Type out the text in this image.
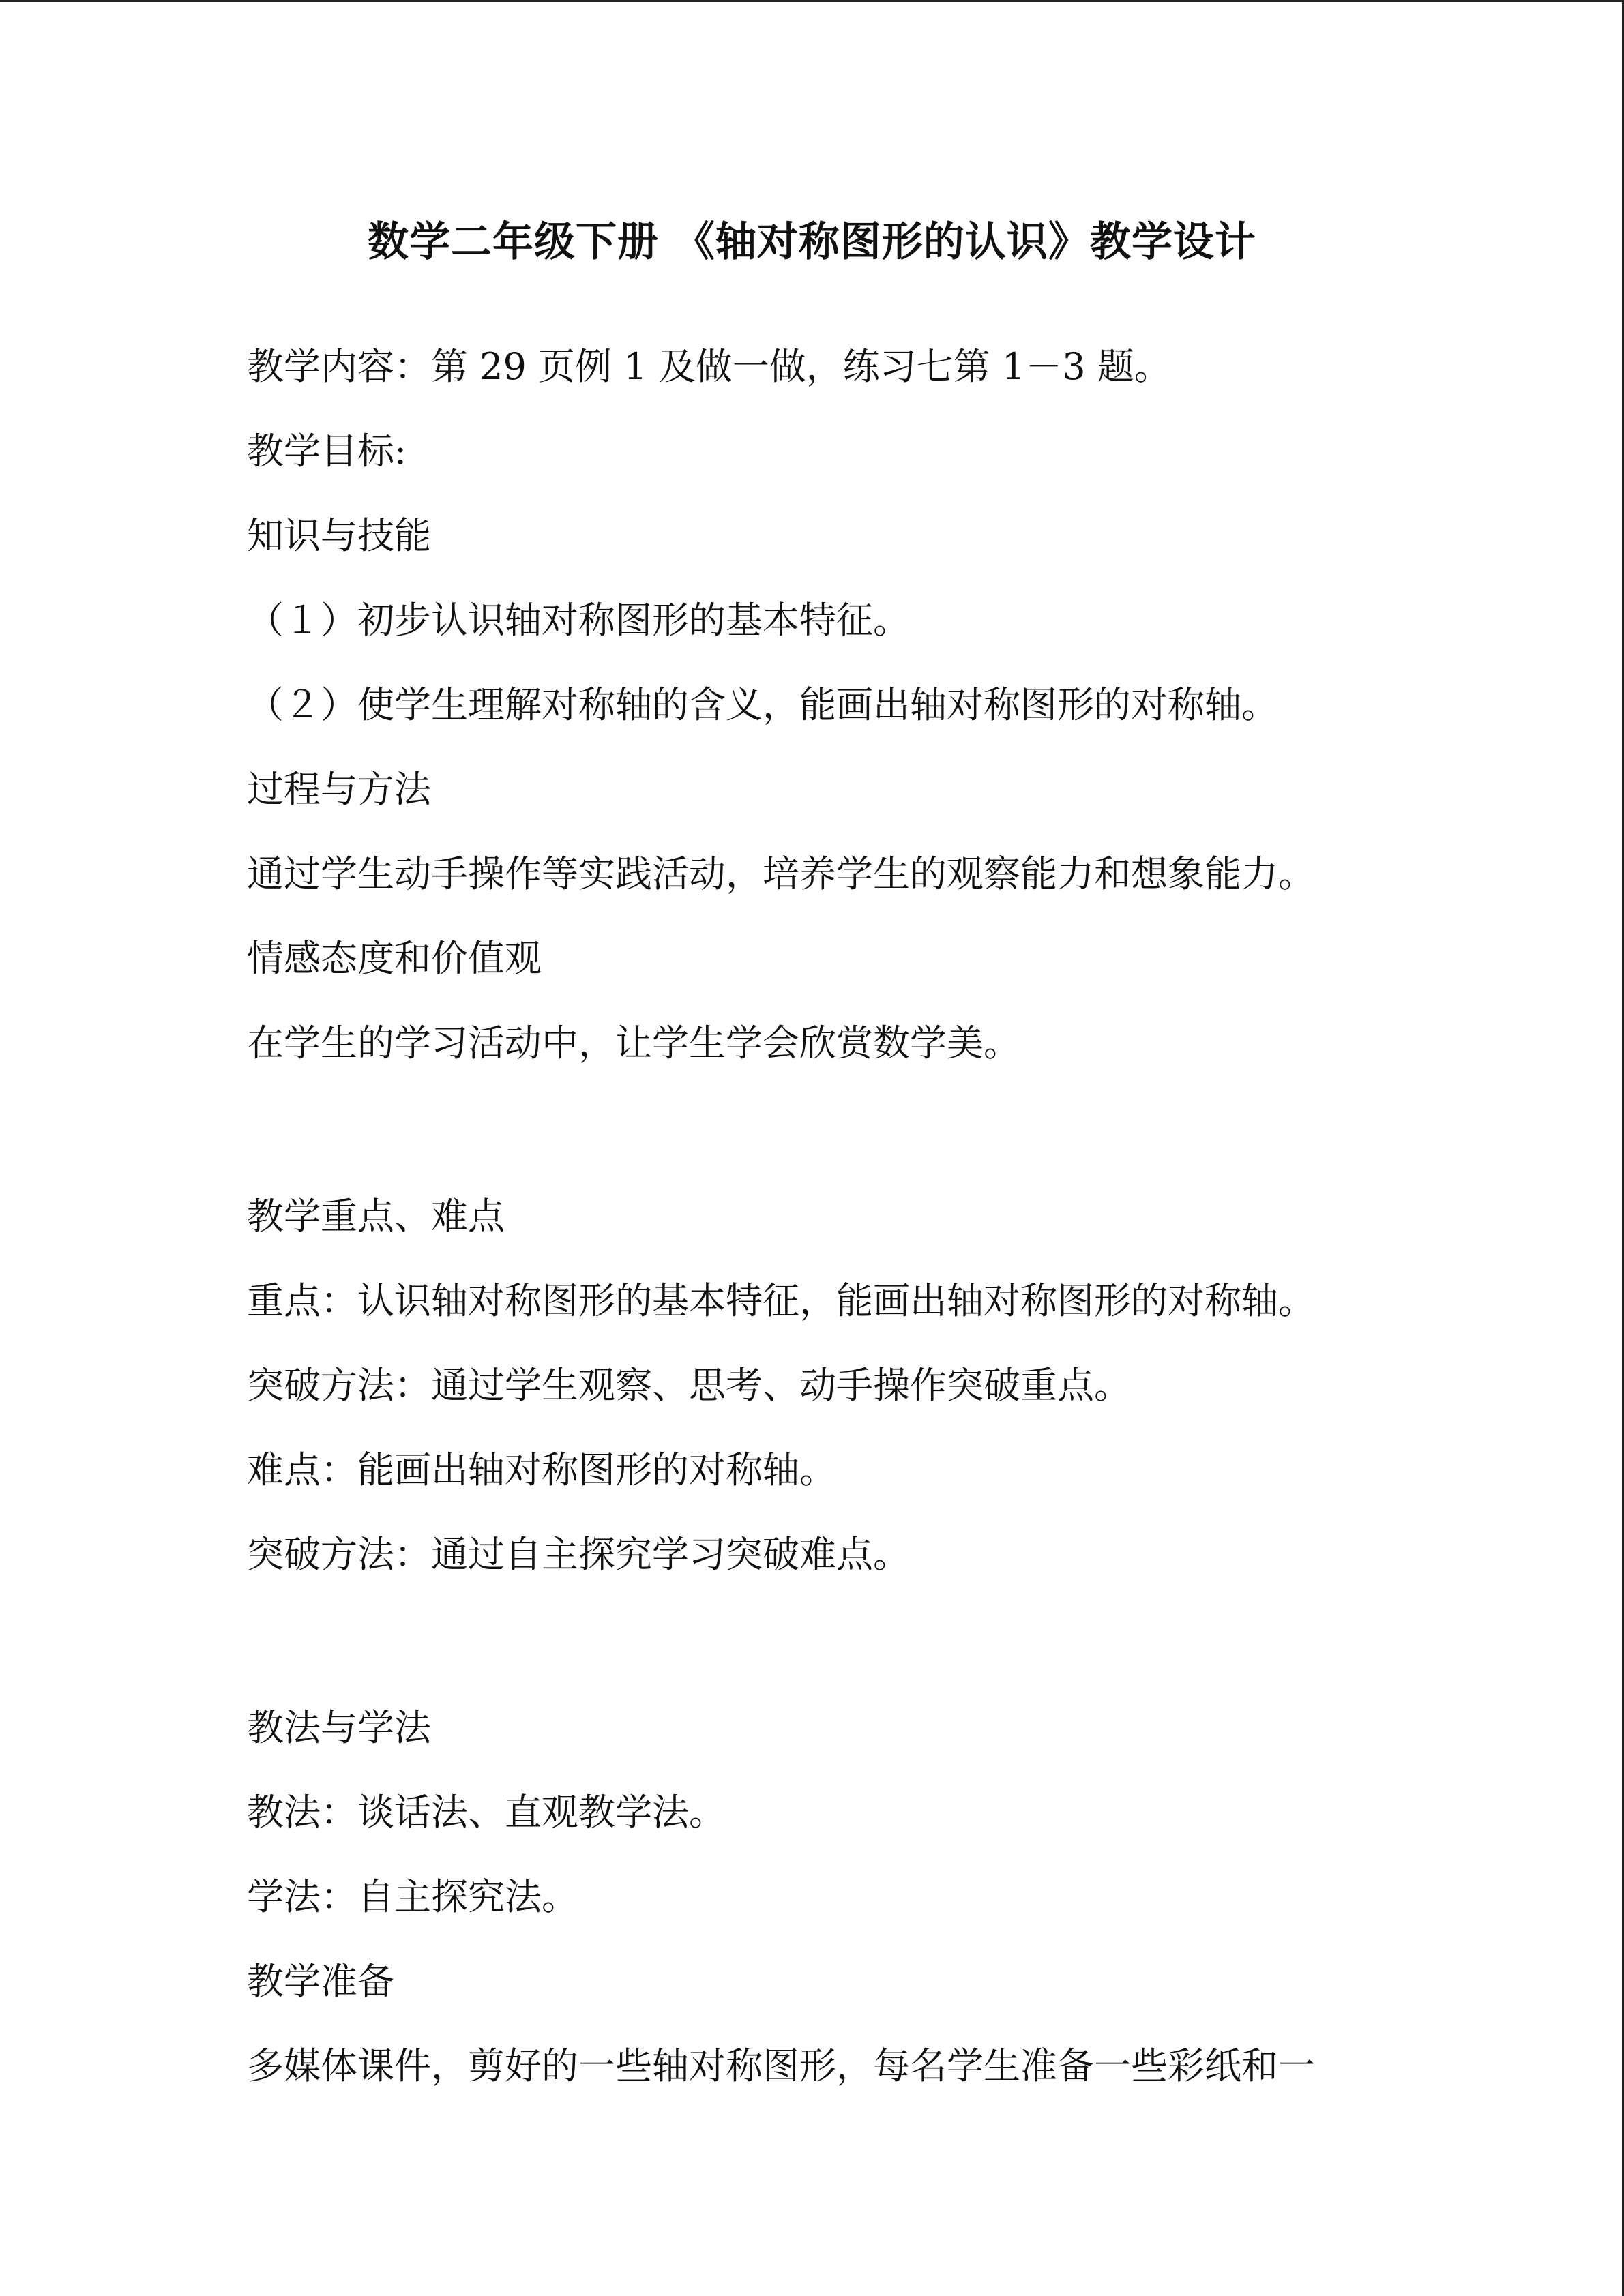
数学二年级下册 《轴对称图形的认识》教学设计
教学内容：第 29 页例 1 及做一做，练习七第 1－3 题。
教学目标:
知识与技能
（１）初步认识轴对称图形的基本特征。
（２）使学生理解对称轴的含义，能画出轴对称图形的对称轴。
过程与方法
通过学生动手操作等实践活动，培养学生的观察能力和想象能力。
情感态度和价值观
在学生的学习活动中，让学生学会欣赏数学美。
教学重点、难点
重点：认识轴对称图形的基本特征，能画出轴对称图形的对称轴。
突破方法：通过学生观察、思考、动手操作突破重点。
难点：能画出轴对称图形的对称轴。
突破方法：通过自主探究学习突破难点。
教法与学法
教法：谈话法、直观教学法。
学法：自主探究法。
教学准备
多媒体课件，剪好的一些轴对称图形，每名学生准备一些彩纸和一
